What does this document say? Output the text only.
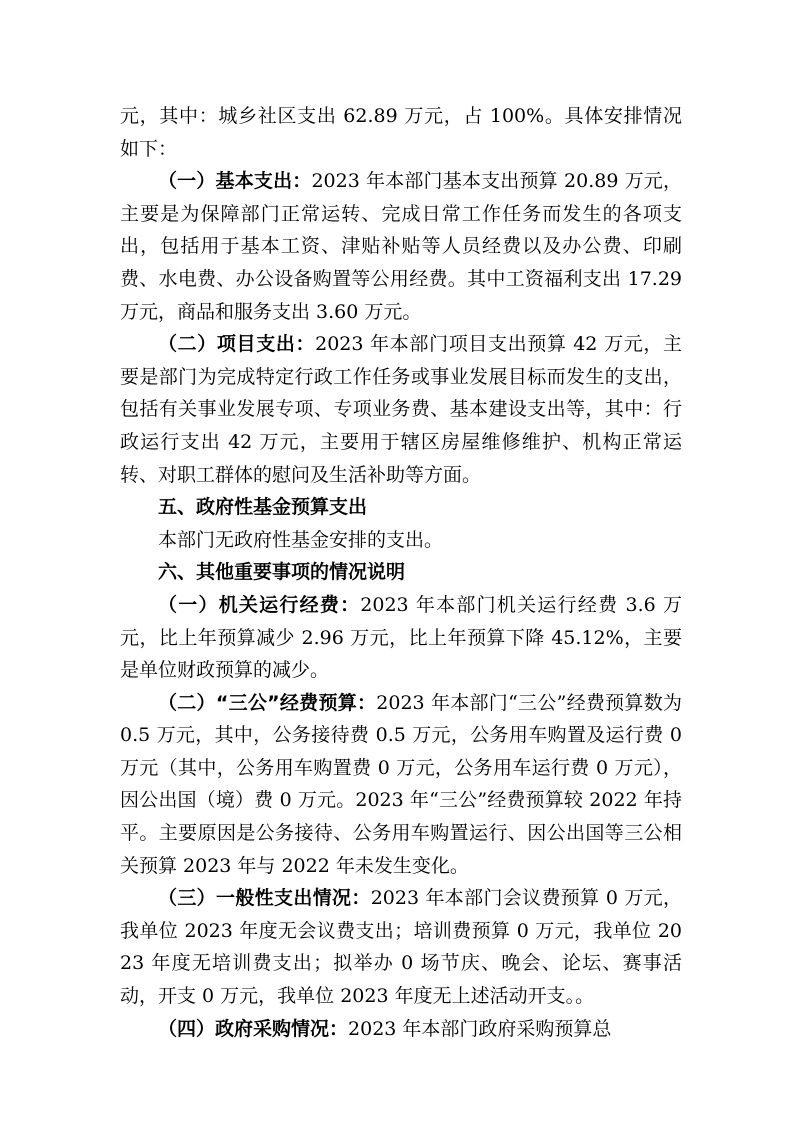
元，其中：城乡社区支出 62.89 万元，占 100%。具体安排情况如下：

（一）基本支出：2023 年本部门基本支出预算 20.89 万元，主要是为保障部门正常运转、完成日常工作任务而发生的各项支出，包括用于基本工资、津贴补贴等人员经费以及办公费、印刷费、水电费、办公设备购置等公用经费。其中工资福利支出 17.29 万元，商品和服务支出 3.60 万元。

（二）项目支出：2023 年本部门项目支出预算 42 万元，主要是部门为完成特定行政工作任务或事业发展目标而发生的支出，包括有关事业发展专项、专项业务费、基本建设支出等，其中：行政运行支出 42 万元，主要用于辖区房屋维修维护、机构正常运转、对职工群体的慰问及生活补助等方面。

五、政府性基金预算支出

本部门无政府性基金安排的支出。

六、其他重要事项的情况说明

（一）机关运行经费：2023 年本部门机关运行经费 3.6 万元，比上年预算减少 2.96 万元，比上年预算下降 45.12%，主要是单位财政预算的减少。

（二）“三公”经费预算：2023 年本部门“三公”经费预算数为 0.5 万元，其中，公务接待费 0.5 万元，公务用车购置及运行费 0 万元（其中，公务用车购置费 0 万元，公务用车运行费 0 万元），因公出国（境）费 0 万元。2023 年“三公”经费预算较 2022 年持平。主要原因是公务接待、公务用车购置运行、因公出国等三公相关预算 2023 年与 2022 年未发生变化。

（三）一般性支出情况：2023 年本部门会议费预算 0 万元，我单位 2023 年度无会议费支出；培训费预算 0 万元，我单位 2023 年度无培训费支出；拟举办 0 场节庆、晚会、论坛、赛事活动，开支 0 万元，我单位 2023 年度无上述活动开支。。

（四）政府采购情况：2023 年本部门政府采购预算总
